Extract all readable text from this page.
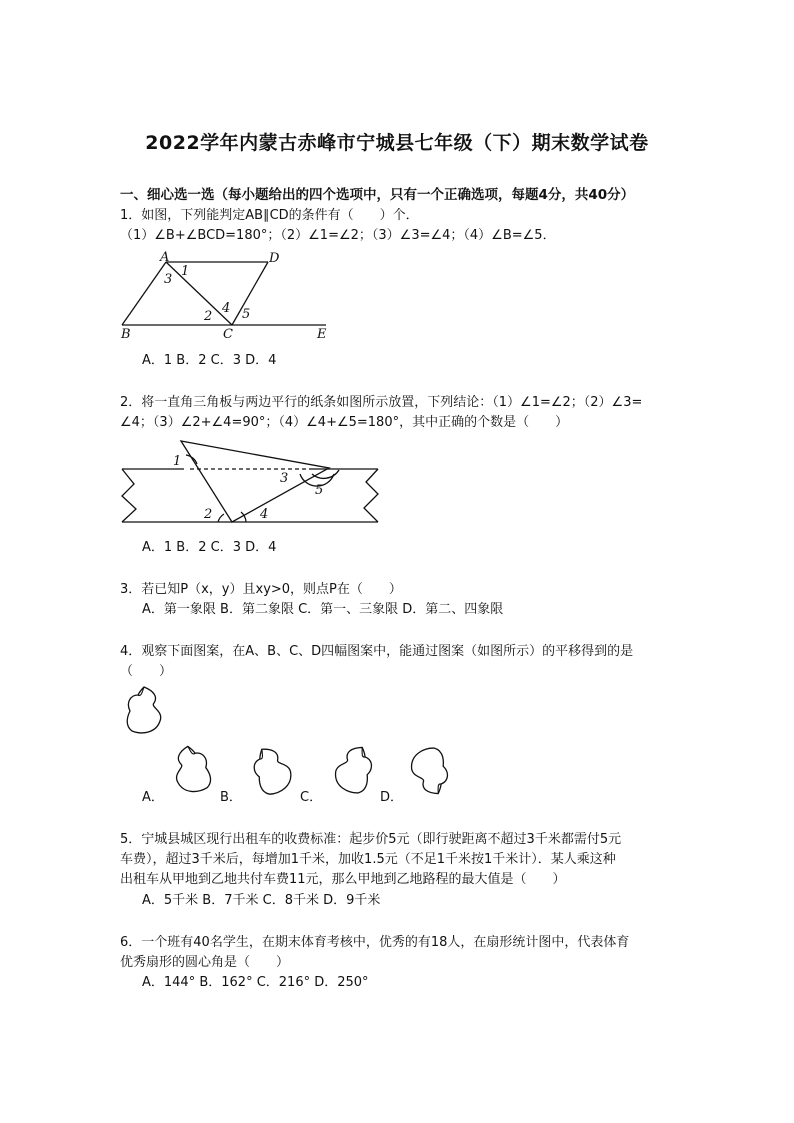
2022学年内蒙古赤峰市宁城县七年级（下）期末数学试卷
一、细心选一选（每小题给出的四个选项中，只有一个正确选项，每题4分，共40分）
1．如图，下列能判定AB∥CD的条件有（　　）个．
（1）∠B+∠BCD=180°；（2）∠1=∠2；（3）∠3=∠4；（4）∠B=∠5．
A	D
B	C	E
1
3
2
4 5
A．1 B．2 C．3 D．4
2．将一直角三角板与两边平行的纸条如图所示放置，下列结论：（1）∠1=∠2；（2）∠3=
∠4；（3）∠2+∠4=90°；（4）∠4+∠5=180°，其中正确的个数是（　　）
1
3
5
2	4
A．1 B．2 C．3 D．4
3．若已知P（x，y）且xy>0，则点P在（　　）
A．第一象限 B．第二象限 C．第一、三象限 D．第二、四象限
4．观察下面图案，在A、B、C、D四幅图案中，能通过图案（如图所示）的平移得到的是
（　　）
A．	B．	C．	D．
5．宁城县城区现行出租车的收费标准：起步价5元（即行驶距离不超过3千米都需付5元
车费），超过3千米后，每增加1千米，加收1.5元（不足1千米按1千米计）．某人乘这种
出租车从甲地到乙地共付车费11元，那么甲地到乙地路程的最大值是（　　）
A．5千米 B．7千米 C．8千米 D．9千米
6．一个班有40名学生，在期末体育考核中，优秀的有18人，在扇形统计图中，代表体育
优秀扇形的圆心角是（　　）
A．144° B．162° C．216° D．250°
